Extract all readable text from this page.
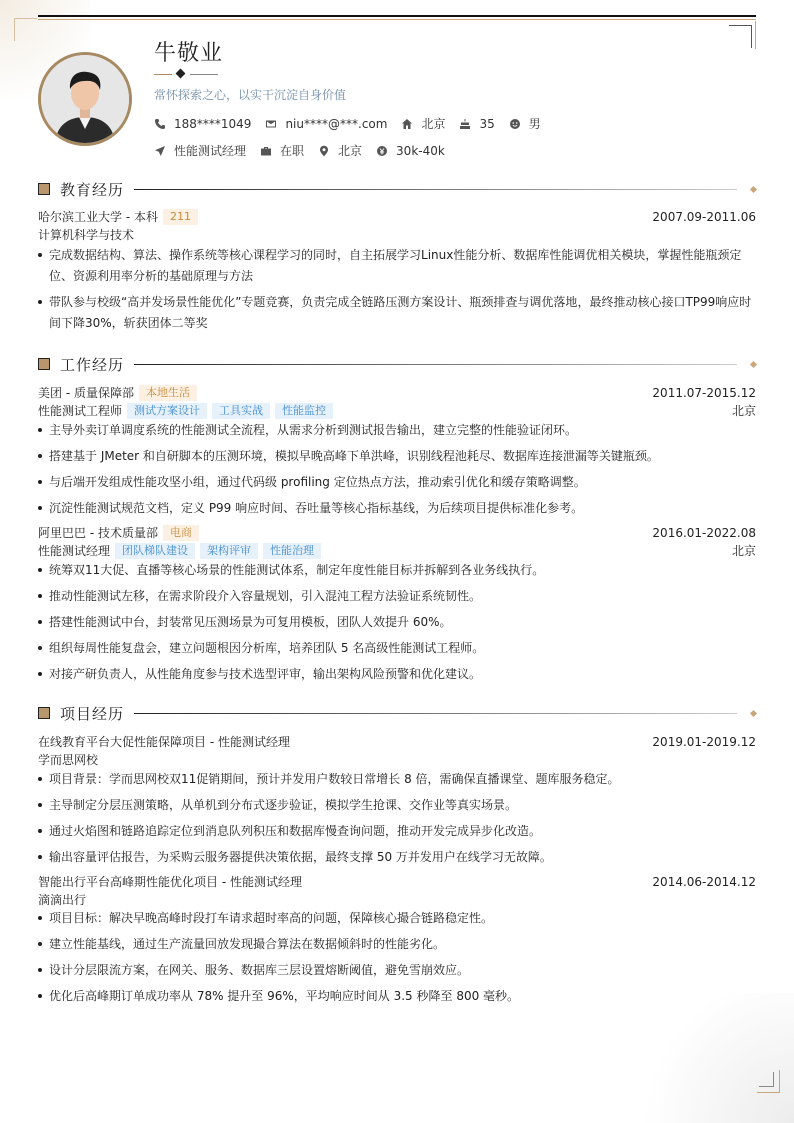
牛敬业
常怀探索之心，以实干沉淀自身价值
188****1049	niu****@***.com	北京	35	男
性能测试经理	在职	北京	30k-40k
教育经历
哈尔滨工业大学 - 本科	211	2007.09-2011.06
计算机科学与技术
完成数据结构、算法、操作系统等核心课程学习的同时，自主拓展学习Linux性能分析、数据库性能调优相关模块，掌握性能瓶颈定位、资源利用率分析的基础原理与方法
带队参与校级“高并发场景性能优化”专题竞赛，负责完成全链路压测方案设计、瓶颈排查与调优落地，最终推动核心接口TP99响应时间下降30%，斩获团体二等奖
工作经历
美团 - 质量保障部	本地生活	2011.07-2015.12
性能测试工程师	测试方案设计	工具实战	性能监控	北京
主导外卖订单调度系统的性能测试全流程，从需求分析到测试报告输出，建立完整的性能验证闭环。
搭建基于 JMeter 和自研脚本的压测环境，模拟早晚高峰下单洪峰，识别线程池耗尽、数据库连接泄漏等关键瓶颈。
与后端开发组成性能攻坚小组，通过代码级 profiling 定位热点方法，推动索引优化和缓存策略调整。
沉淀性能测试规范文档，定义 P99 响应时间、吞吐量等核心指标基线，为后续项目提供标准化参考。
阿里巴巴 - 技术质量部	电商	2016.01-2022.08
性能测试经理	团队梯队建设	架构评审	性能治理	北京
统筹双11大促、直播等核心场景的性能测试体系，制定年度性能目标并拆解到各业务线执行。
推动性能测试左移，在需求阶段介入容量规划，引入混沌工程方法验证系统韧性。
搭建性能测试中台，封装常见压测场景为可复用模板，团队人效提升 60%。
组织每周性能复盘会，建立问题根因分析库，培养团队 5 名高级性能测试工程师。
对接产研负责人，从性能角度参与技术选型评审，输出架构风险预警和优化建议。
项目经历
在线教育平台大促性能保障项目 - 性能测试经理	2019.01-2019.12
学而思网校
项目背景：学而思网校双11促销期间，预计并发用户数较日常增长 8 倍，需确保直播课堂、题库服务稳定。
主导制定分层压测策略，从单机到分布式逐步验证，模拟学生抢课、交作业等真实场景。
通过火焰图和链路追踪定位到消息队列积压和数据库慢查询问题，推动开发完成异步化改造。
输出容量评估报告，为采购云服务器提供决策依据，最终支撑 50 万并发用户在线学习无故障。
智能出行平台高峰期性能优化项目 - 性能测试经理	2014.06-2014.12
滴滴出行
项目目标：解决早晚高峰时段打车请求超时率高的问题，保障核心撮合链路稳定性。
建立性能基线，通过生产流量回放发现撮合算法在数据倾斜时的性能劣化。
设计分层限流方案，在网关、服务、数据库三层设置熔断阈值，避免雪崩效应。
优化后高峰期订单成功率从 78% 提升至 96%，平均响应时间从 3.5 秒降至 800 毫秒。
